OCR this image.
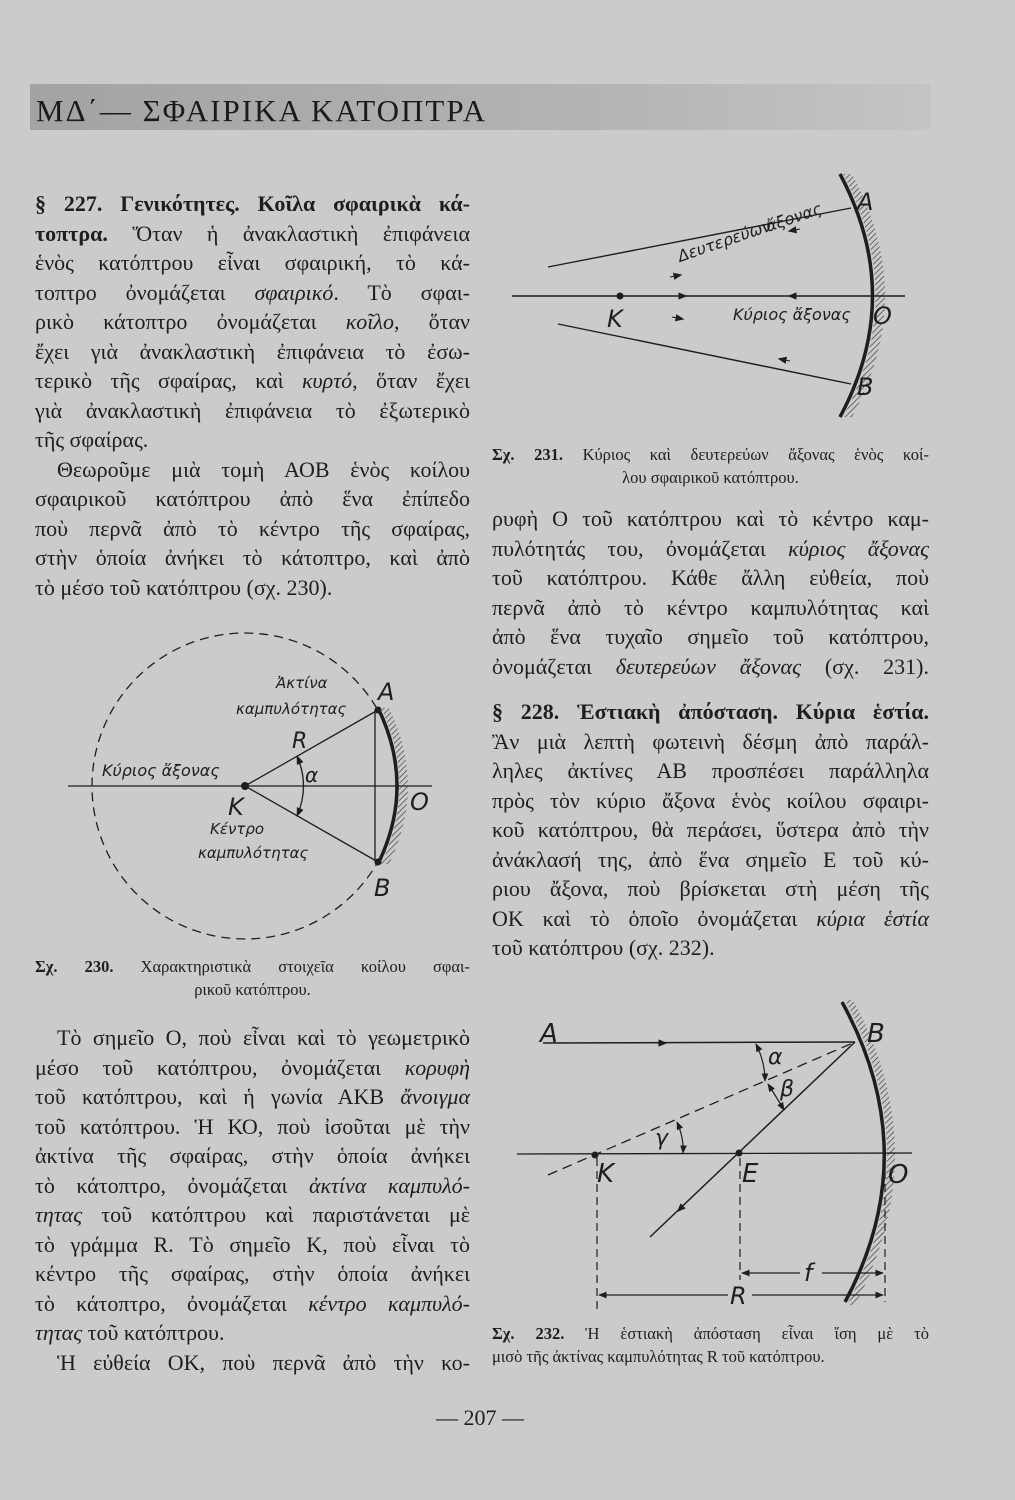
ΜΔ΄— ΣΦΑΙΡΙΚΑ ΚΑΤΟΠΤΡΑ
A
B
O
K
Δευτερεύων
ἄξονας
Κύριος ἄξονας
A
B
O
K
R
α
Ἀκτίνα
καμπυλότητας
Κύριος ἄξονας
Κέντρο
καμπυλότητας
A	B
O
K	E
α
β
γ
f
R
§ 227. Γενικότητες. Κοῖλα σφαιρικὰ κά-
τοπτρα. Ὅταν ἡ ἀνακλαστικὴ ἐπιφάνεια
ἑνὸς κατόπτρου εἶναι σφαιρική, τὸ κά-
τοπτρο ὀνομάζεται σφαιρικό. Τὸ σφαι-
ρικὸ κάτοπτρο ὀνομάζεται κοῖλο, ὅταν
ἔχει γιὰ ἀνακλαστικὴ ἐπιφάνεια τὸ ἐσω-
τερικὸ τῆς σφαίρας, καὶ κυρτό, ὅταν ἔχει
γιὰ ἀνακλαστικὴ ἐπιφάνεια τὸ ἐξωτερικὸ
τῆς σφαίρας.
Θεωροῦμε μιὰ τομὴ ΑΟΒ ἑνὸς κοίλου
σφαιρικοῦ κατόπτρου ἀπὸ ἕνα ἐπίπεδο
ποὺ περνᾶ ἀπὸ τὸ κέντρο τῆς σφαίρας,
στὴν ὁποία ἀνήκει τὸ κάτοπτρο, καὶ ἀπὸ
τὸ μέσο τοῦ κατόπτρου (σχ. 230).
Σχ. 230. Χαρακτηριστικὰ στοιχεῖα κοίλου σφαι-
ρικοῦ κατόπτρου.
Τὸ σημεῖο Ο, ποὺ εἶναι καὶ τὸ γεωμετρικὸ
μέσο τοῦ κατόπτρου, ὀνομάζεται κορυφὴ
τοῦ κατόπτρου, καὶ ἡ γωνία ΑΚΒ ἄνοιγμα
τοῦ κατόπτρου. Ἡ ΚΟ, ποὺ ἰσοῦται μὲ τὴν
ἀκτίνα τῆς σφαίρας, στὴν ὁποία ἀνήκει
τὸ κάτοπτρο, ὀνομάζεται ἀκτίνα καμπυλό-
τητας τοῦ κατόπτρου καὶ παριστάνεται μὲ
τὸ γράμμα R. Τὸ σημεῖο Κ, ποὺ εἶναι τὸ
κέντρο τῆς σφαίρας, στὴν ὁποία ἀνήκει
τὸ κάτοπτρο, ὀνομάζεται κέντρο καμπυλό-
τητας τοῦ κατόπτρου.
Ἡ εὐθεία ΟΚ, ποὺ περνᾶ ἀπὸ τὴν κο-
Σχ. 231. Κύριος καὶ δευτερεύων ἄξονας ἑνὸς κοί-
λου σφαιρικοῦ κατόπτρου.
ρυφὴ Ο τοῦ κατόπτρου καὶ τὸ κέντρο καμ-
πυλότητάς του, ὀνομάζεται κύριος ἄξονας
τοῦ κατόπτρου. Κάθε ἄλλη εὐθεία, ποὺ
περνᾶ ἀπὸ τὸ κέντρο καμπυλότητας καὶ
ἀπὸ ἕνα τυχαῖο σημεῖο τοῦ κατόπτρου,
ὀνομάζεται δευτερεύων ἄξονας (σχ. 231).
§ 228. Ἑστιακὴ ἀπόσταση. Κύρια ἑστία.
Ἂν μιὰ λεπτὴ φωτεινὴ δέσμη ἀπὸ παράλ-
ληλες ἀκτίνες ΑΒ προσπέσει παράλληλα
πρὸς τὸν κύριο ἄξονα ἑνὸς κοίλου σφαιρι-
κοῦ κατόπτρου, θὰ περάσει, ὕστερα ἀπὸ τὴν
ἀνάκλασή της, ἀπὸ ἕνα σημεῖο Ε τοῦ κύ-
ριου ἄξονα, ποὺ βρίσκεται στὴ μέση τῆς
ΟΚ καὶ τὸ ὁποῖο ὀνομάζεται κύρια ἑστία
τοῦ κατόπτρου (σχ. 232).
Σχ. 232. Ἡ ἑστιακὴ ἀπόσταση εἶναι ἴση μὲ τὸ
μισὸ τῆς ἀκτίνας καμπυλότητας R τοῦ κατόπτρου.
— 207 —
